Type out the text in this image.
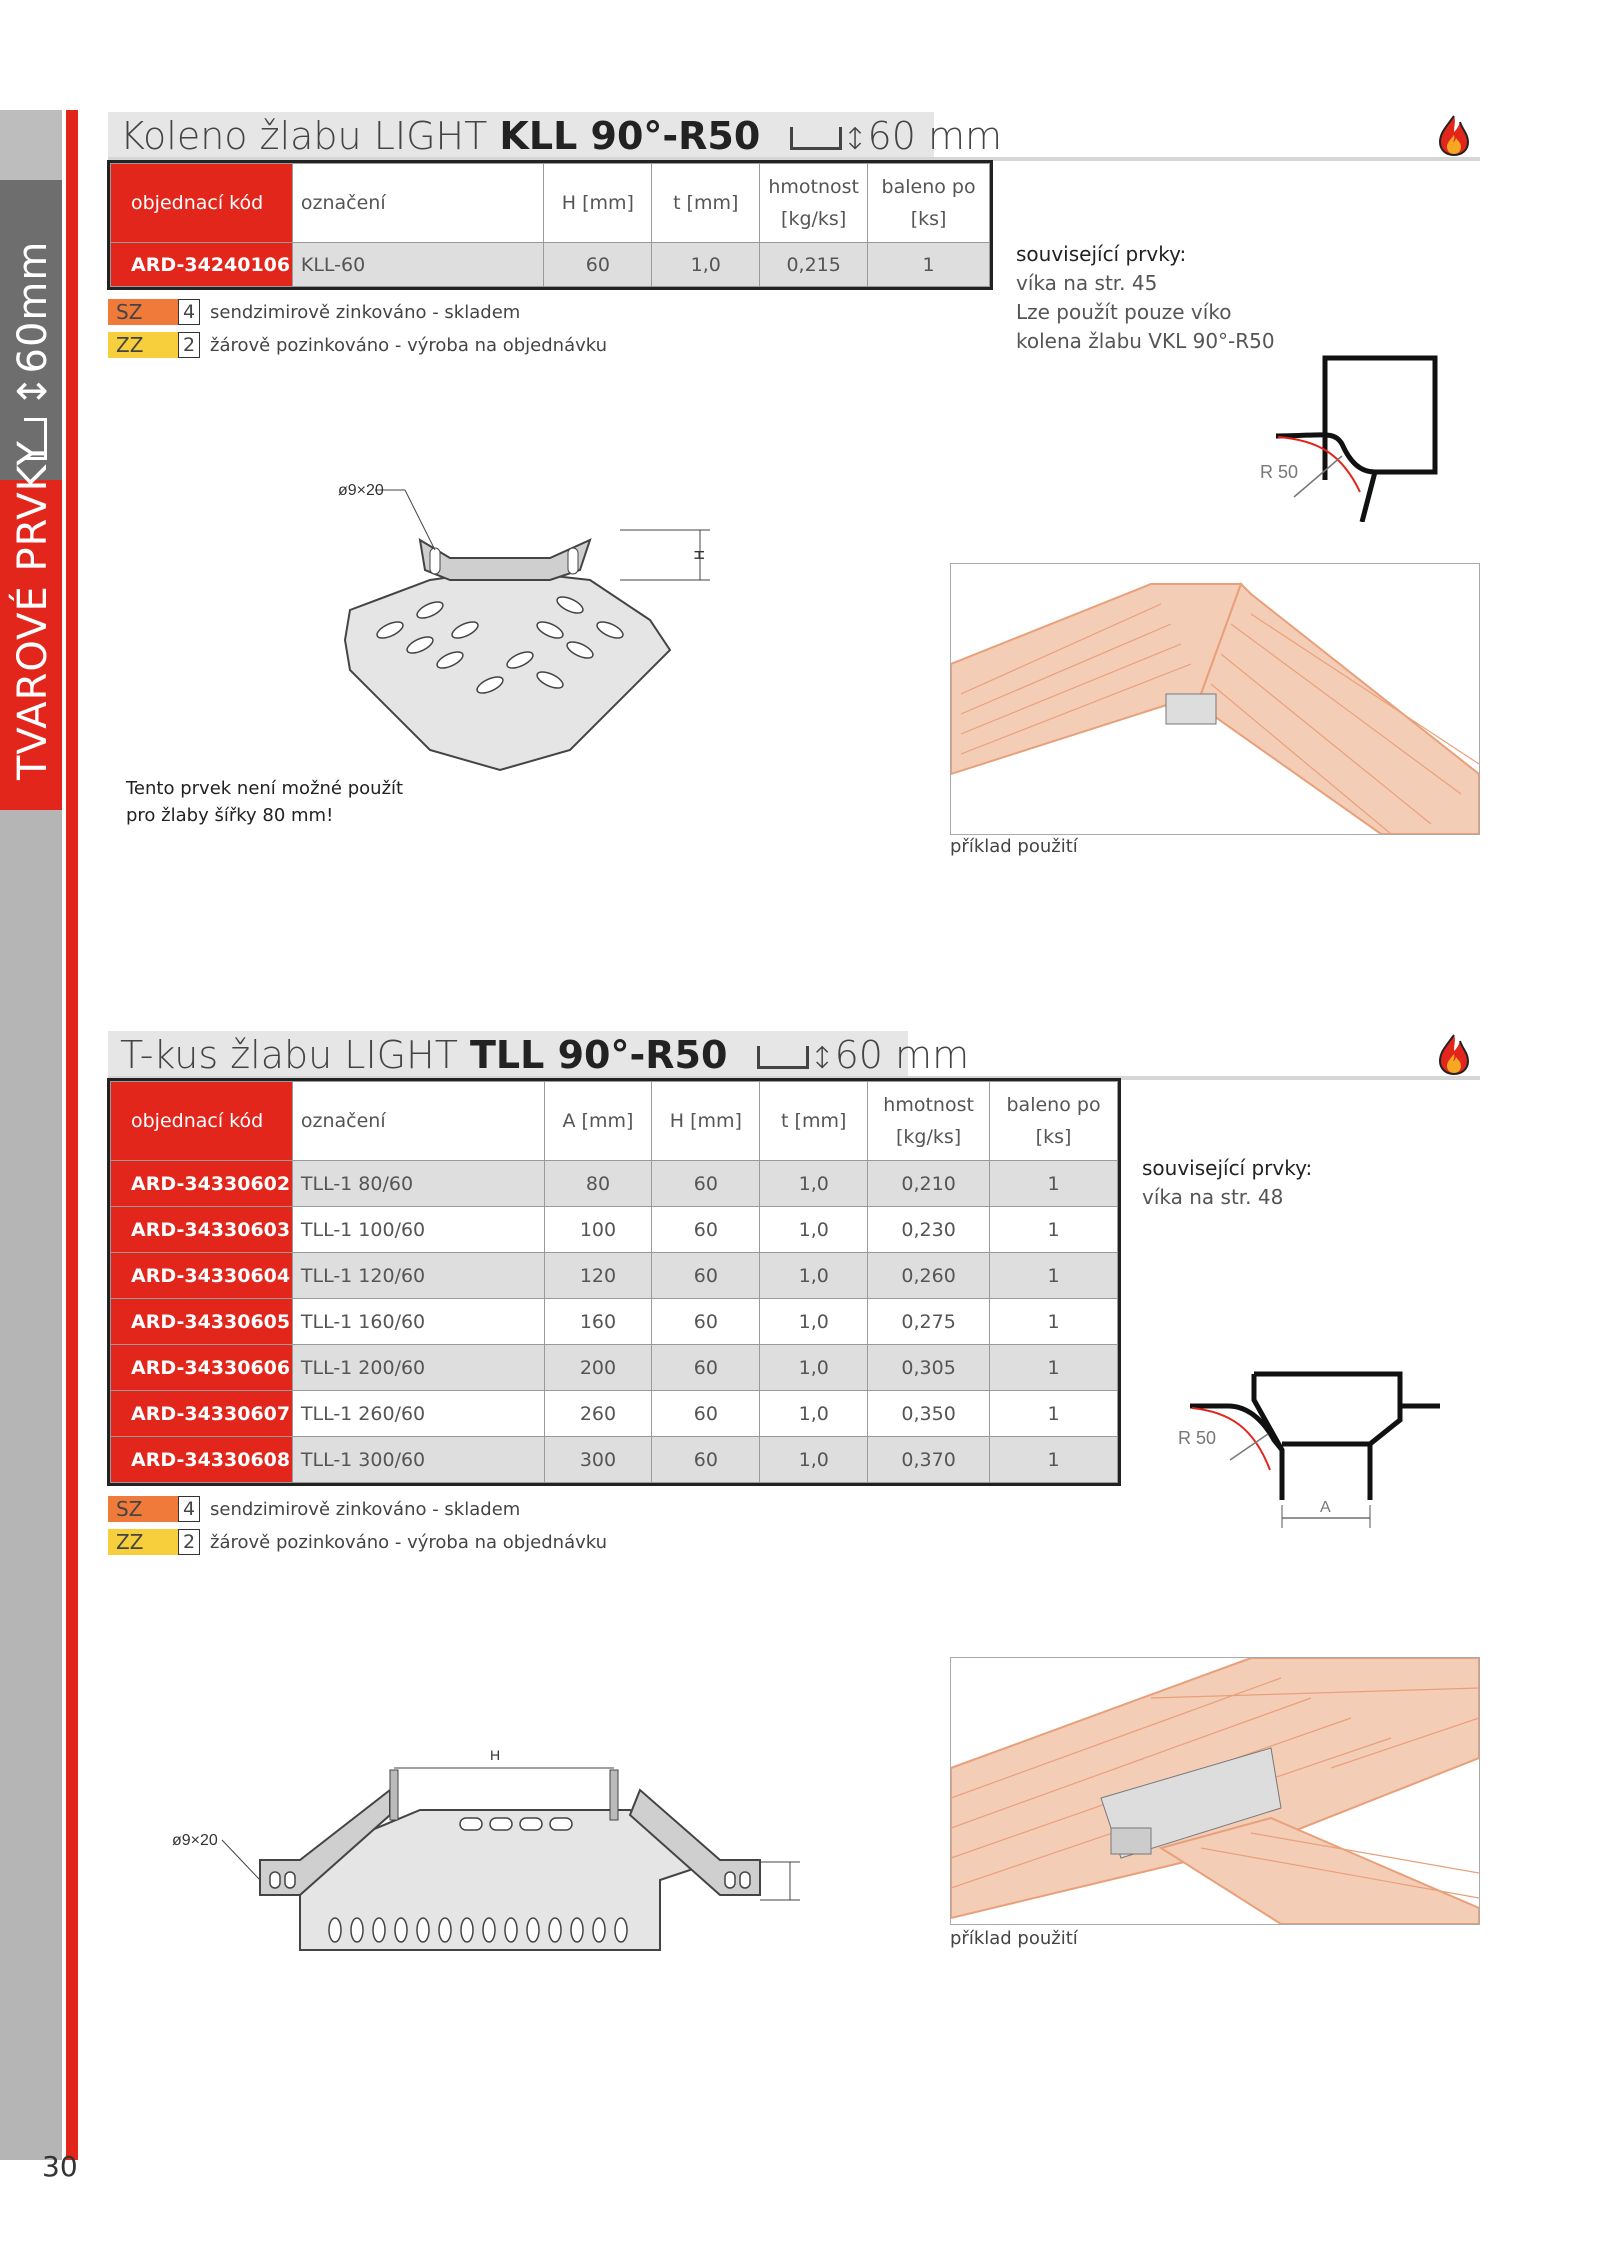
↕60mm
TVAROVÉ PRVKY
30
Koleno žlabu LIGHT KLL 90°-R50	↕60 mm
objednací kód	označení	H [mm]	t [mm]	hmotnost
[kg/ks]	baleno po
[ks]
ARD-34240106	KLL-60	60	1,0	0,215	1
SZ	4 sendzimirově zinkováno - skladem
ZZ	2 žárově pozinkováno - výroba na objednávku
související prvky:
víka na str. 45
Lze použít pouze víko
kolena žlabu VKL 90°-R50
R 50
ø9×20
H
Tento prvek není možné použít
pro žlaby šířky 80 mm!
příklad použití
T-kus žlabu LIGHT TLL 90°-R50	↕60 mm
objednací kód	označení	A [mm]	H [mm]	t [mm]	hmotnost
[kg/ks]	baleno po
[ks]
ARD-34330602	TLL-1 80/60	80	60	1,0	0,210	1
ARD-34330603	TLL-1 100/60	100	60	1,0	0,230	1
ARD-34330604	TLL-1 120/60	120	60	1,0	0,260	1
ARD-34330605	TLL-1 160/60	160	60	1,0	0,275	1
ARD-34330606	TLL-1 200/60	200	60	1,0	0,305	1
ARD-34330607	TLL-1 260/60	260	60	1,0	0,350	1
ARD-34330608	TLL-1 300/60	300	60	1,0	0,370	1
SZ	4 sendzimirově zinkováno - skladem
ZZ	2 žárově pozinkováno - výroba na objednávku
související prvky:
víka na str. 48
R 50
A
H
ø9×20
příklad použití
